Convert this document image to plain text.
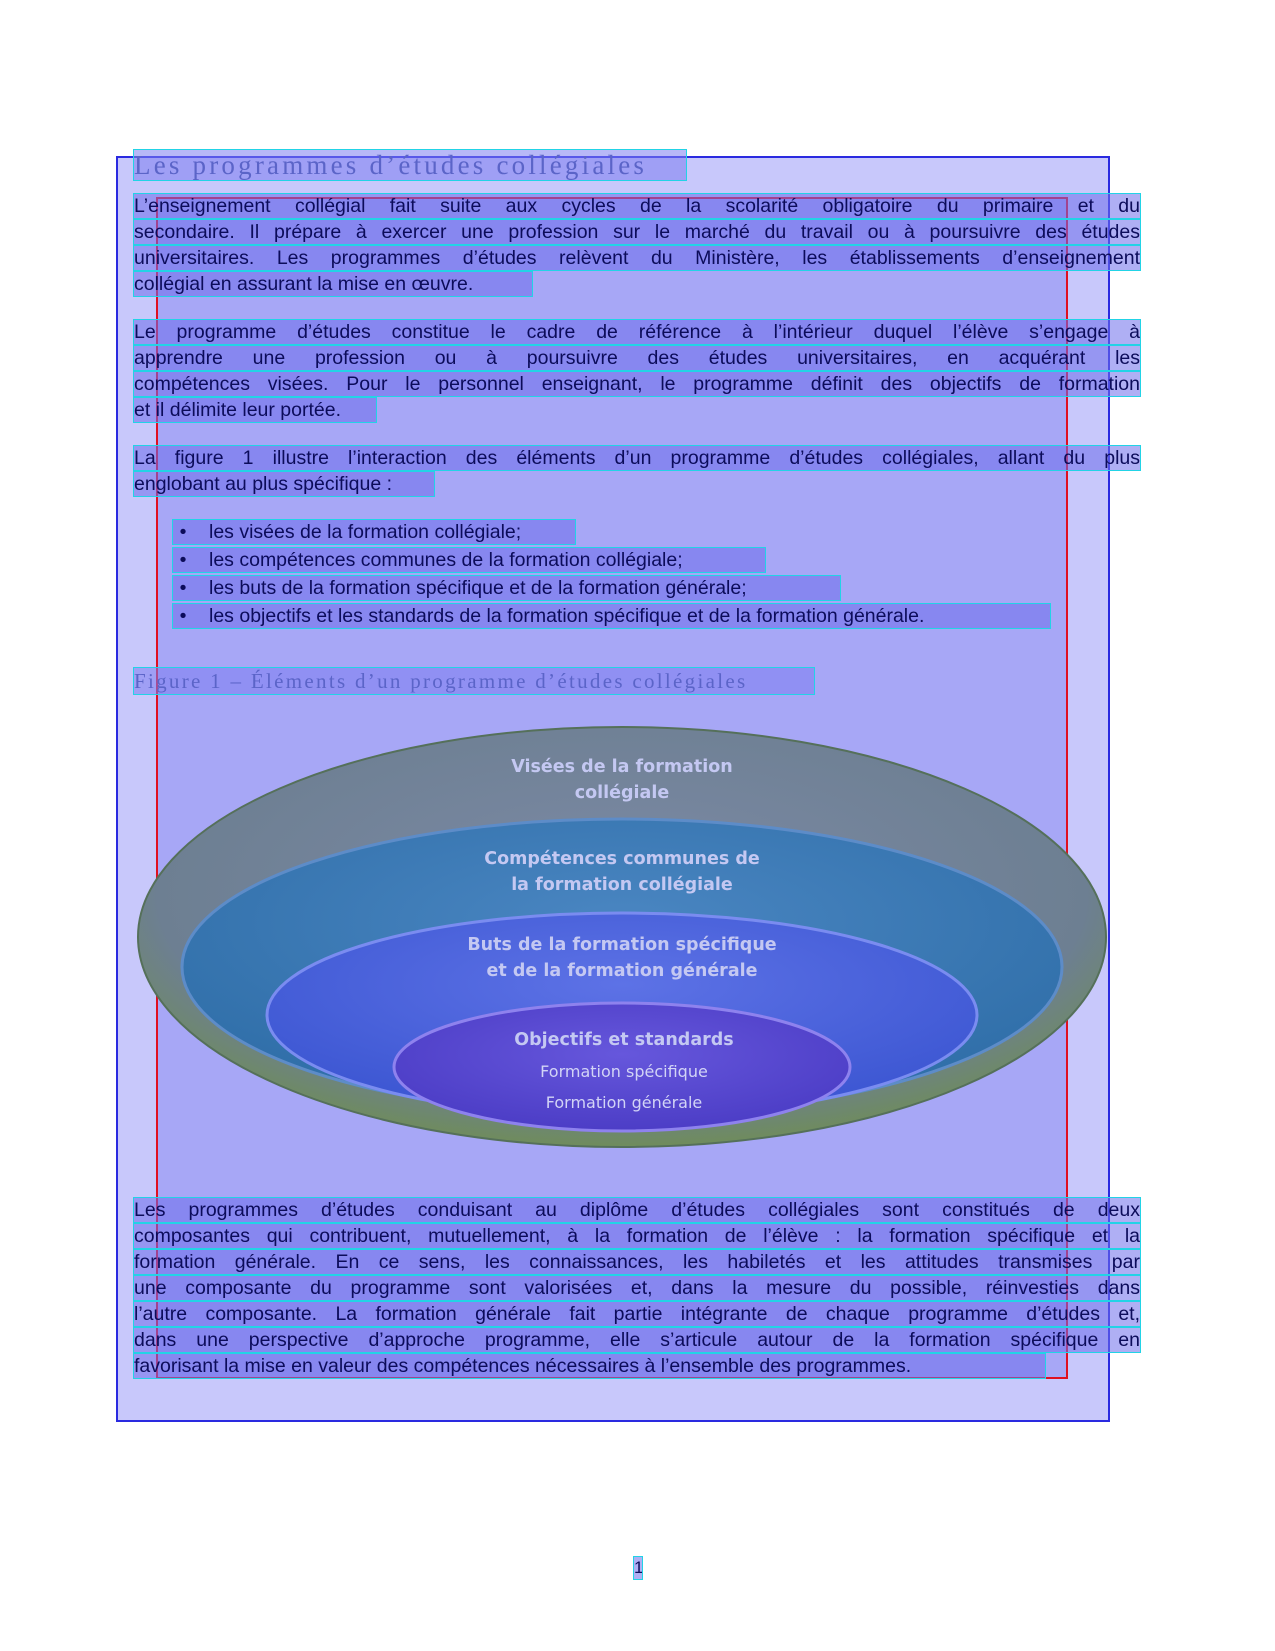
Les programmes d’études collégiales
L’enseignement collégial fait suite aux cycles de la scolarité obligatoire du primaire et du
secondaire. Il prépare à exercer une profession sur le marché du travail ou à poursuivre des études
universitaires. Les programmes d’études relèvent du Ministère, les établissements d’enseignement
collégial en assurant la mise en œuvre.
Le programme d’études constitue le cadre de référence à l’intérieur duquel l’élève s’engage à
apprendre une profession ou à poursuivre des études universitaires, en acquérant les
compétences visées. Pour le personnel enseignant, le programme définit des objectifs de formation
et il délimite leur portée.
La figure 1 illustre l’interaction des éléments d’un programme d’études collégiales, allant du plus
englobant au plus spécifique :
• les visées de la formation collégiale;
• les compétences communes de la formation collégiale;
• les buts de la formation spécifique et de la formation générale;
• les objectifs et les standards de la formation spécifique et de la formation générale.
Figure 1 – Éléments d’un programme d’études collégiales
Visées de la formation
collégiale
Compétences communes de
la formation collégiale
Buts de la formation spécifique
et de la formation générale
Objectifs et standards
Formation spécifique
Formation générale
Les programmes d’études conduisant au diplôme d’études collégiales sont constitués de deux
composantes qui contribuent, mutuellement, à la formation de l’élève : la formation spécifique et la
formation générale. En ce sens, les connaissances, les habiletés et les attitudes transmises par
une composante du programme sont valorisées et, dans la mesure du possible, réinvesties dans
l’autre composante. La formation générale fait partie intégrante de chaque programme d’études et,
dans une perspective d’approche programme, elle s’articule autour de la formation spécifique en
favorisant la mise en valeur des compétences nécessaires à l’ensemble des programmes.
1
